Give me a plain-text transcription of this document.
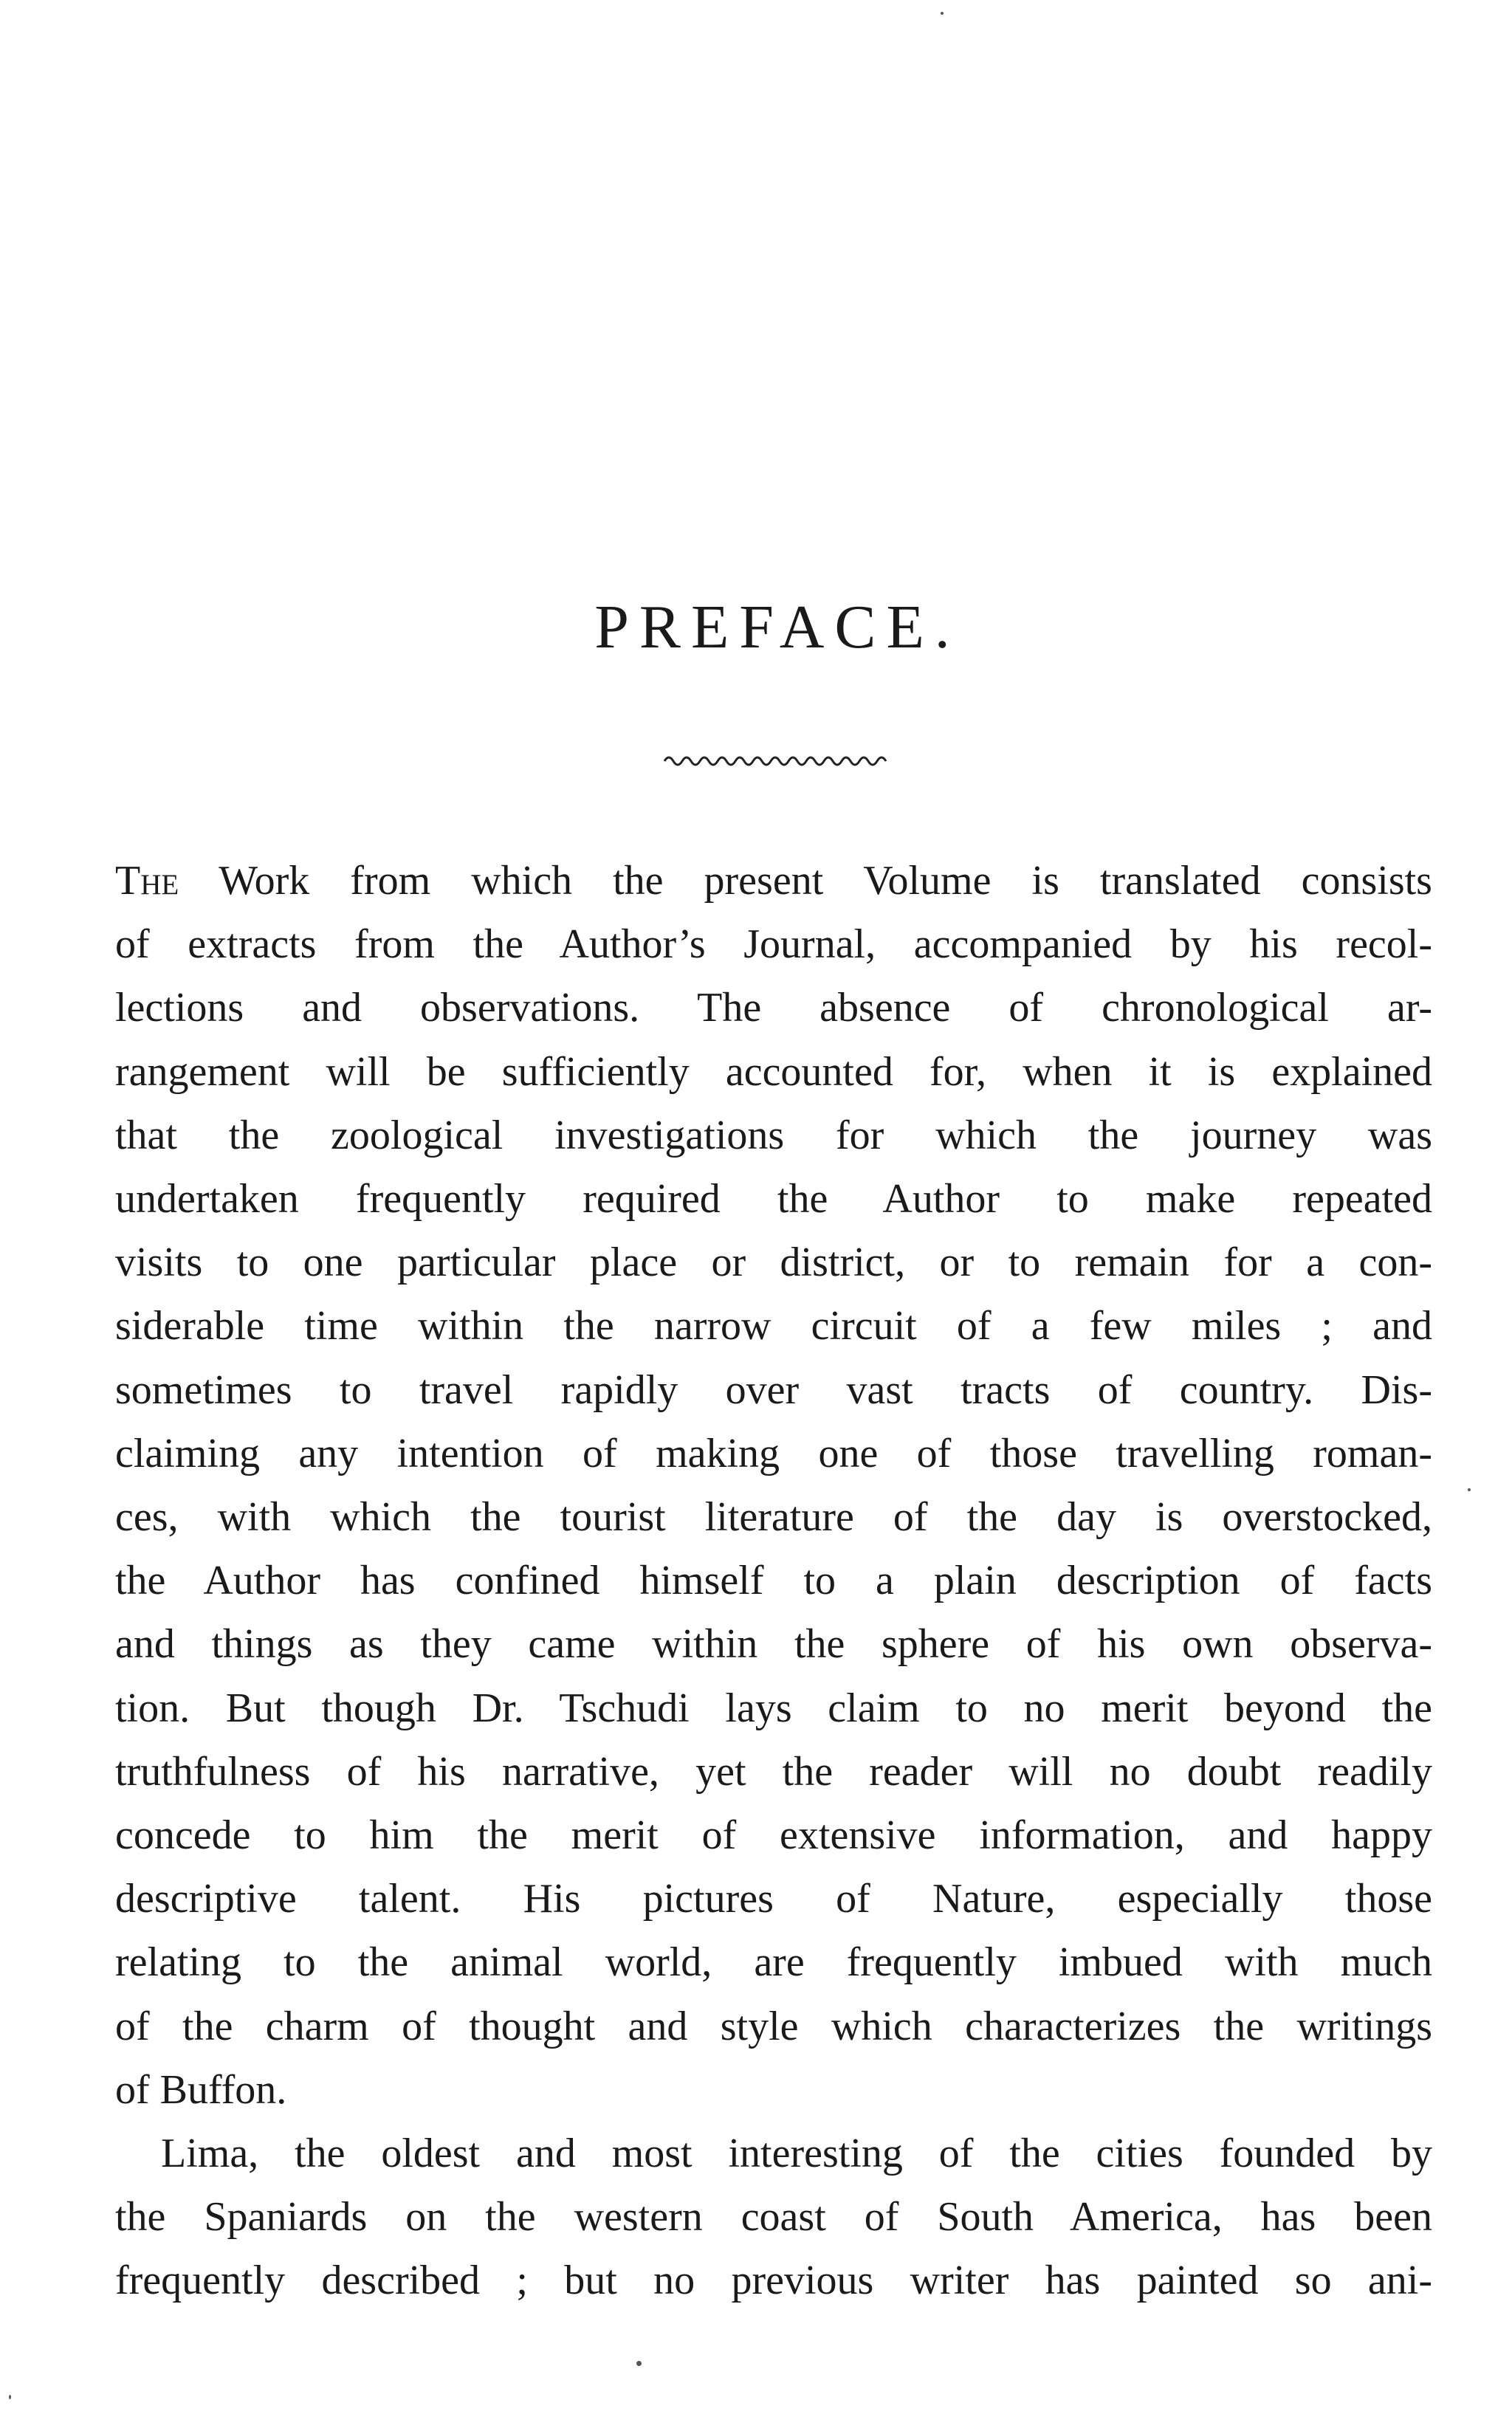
PREFACE.

The Work from which the present Volume is translated consists
of extracts from the Author’s Journal, accompanied by his recol-
lections and observations. The absence of chronological ar-
rangement will be sufficiently accounted for, when it is explained
that the zoological investigations for which the journey was
undertaken frequently required the Author to make repeated
visits to one particular place or district, or to remain for a con-
siderable time within the narrow circuit of a few miles ; and
sometimes to travel rapidly over vast tracts of country. Dis-
claiming any intention of making one of those travelling roman-
ces, with which the tourist literature of the day is overstocked,
the Author has confined himself to a plain description of facts
and things as they came within the sphere of his own observa-
tion. But though Dr. Tschudi lays claim to no merit beyond the
truthfulness of his narrative, yet the reader will no doubt readily
concede to him the merit of extensive information, and happy
descriptive talent. His pictures of Nature, especially those
relating to the animal world, are frequently imbued with much
of the charm of thought and style which characterizes the writings
of Buffon.

Lima, the oldest and most interesting of the cities founded by
the Spaniards on the western coast of South America, has been
frequently described ; but no previous writer has painted so ani-
